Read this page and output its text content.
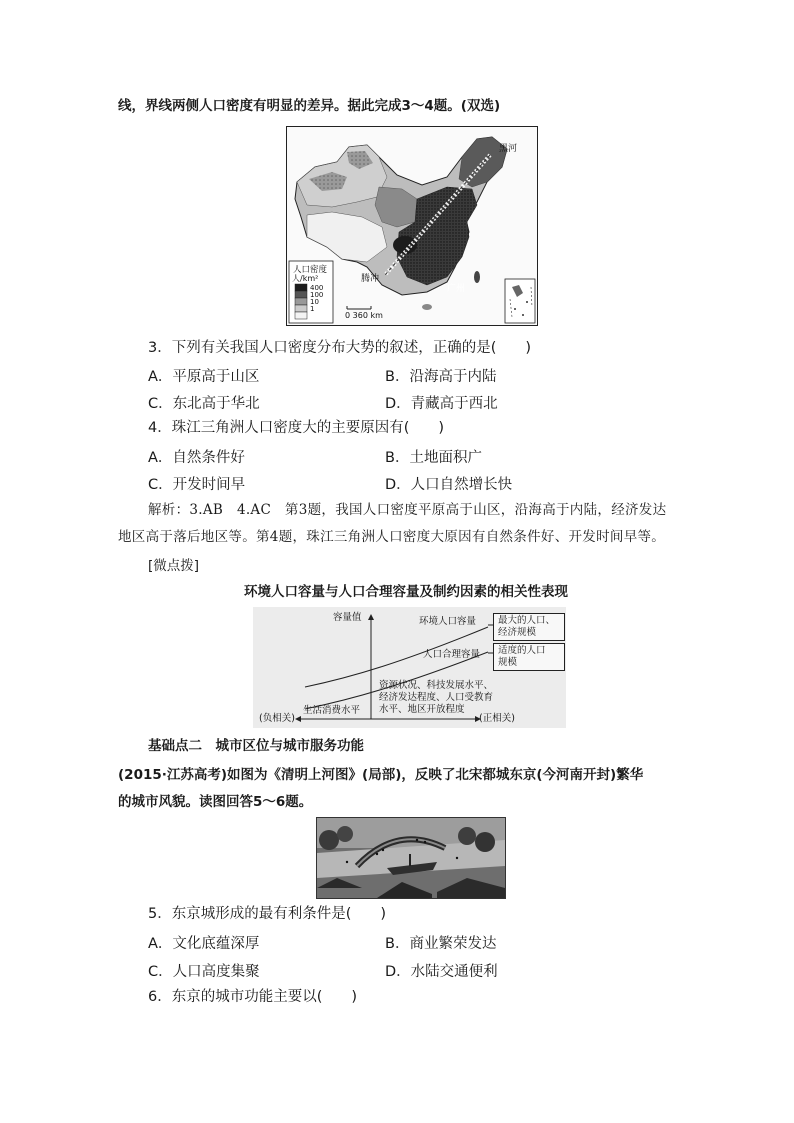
线，界线两侧人口密度有明显的差异。据此完成3～4题。(双选)
黑河
腾冲
广州
人口密度
人/km²
400
100
10
1
0 360 km
3．下列有关我国人口密度分布大势的叙述，正确的是(　　)
A．平原高于山区	B．沿海高于内陆
C．东北高于华北	D．青藏高于西北
4．珠江三角洲人口密度大的主要原因有(　　)
A．自然条件好	B．土地面积广
C．开发时间早	D．人口自然增长快
解析：3.AB　4.AC　第3题，我国人口密度平原高于山区，沿海高于内陆，经济发达
地区高于落后地区等。第4题，珠江三角洲人口密度大原因有自然条件好、开发时间早等。
[微点拨]
环境人口容量与人口合理容量及制约因素的相关性表现
容量值	环境人口容量 最大的人口、
经济规模
人口合理容量 适度的人口
规模
资源状况、科技发展水平、
经济发达程度、人口受教育
水平、地区开放程度
生活消费水平
(负相关)	(正相关)
基础点二　城市区位与城市服务功能
(2015·江苏高考)如图为《清明上河图》(局部)，反映了北宋都城东京(今河南开封)繁华
的城市风貌。读图回答5～6题。
5．东京城形成的最有利条件是(　　)
A．文化底蕴深厚	B．商业繁荣发达
C．人口高度集聚	D．水陆交通便利
6．东京的城市功能主要以(　　)
